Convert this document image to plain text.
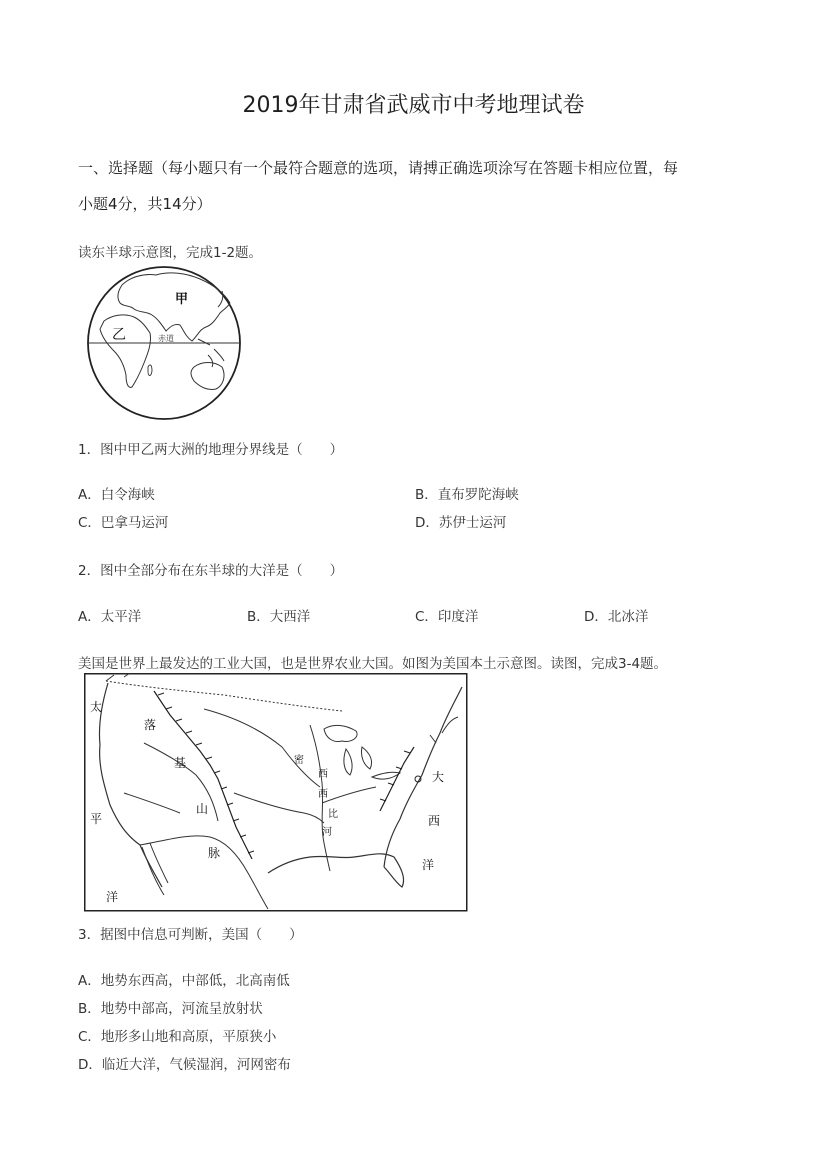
2019年甘肃省武威市中考地理试卷
一、选择题（每小题只有一个最符合题意的选项，请搏正确选项涂写在答题卡相应位置，每
小题4分，共14分）
读东半球示意图，完成1-2题。
甲
乙	赤道
1．图中甲乙两大洲的地理分界线是（　　）
A．白令海峡	B．直布罗陀海峡
C．巴拿马运河	D．苏伊士运河
2．图中全部分布在东半球的大洋是（　　）
A．太平洋	B．大西洋	C．印度洋	D．北冰洋
美国是世界上最发达的工业大国，也是世界农业大国。如图为美国本土示意图。读图，完成3-4题。
太
平
洋
落
基
山
脉
密
西
西
比
河
大
西
洋
3．据图中信息可判断，美国（　　）
A．地势东西高，中部低，北高南低
B．地势中部高，河流呈放射状
C．地形多山地和高原，平原狭小
D．临近大洋，气候湿润，河网密布
